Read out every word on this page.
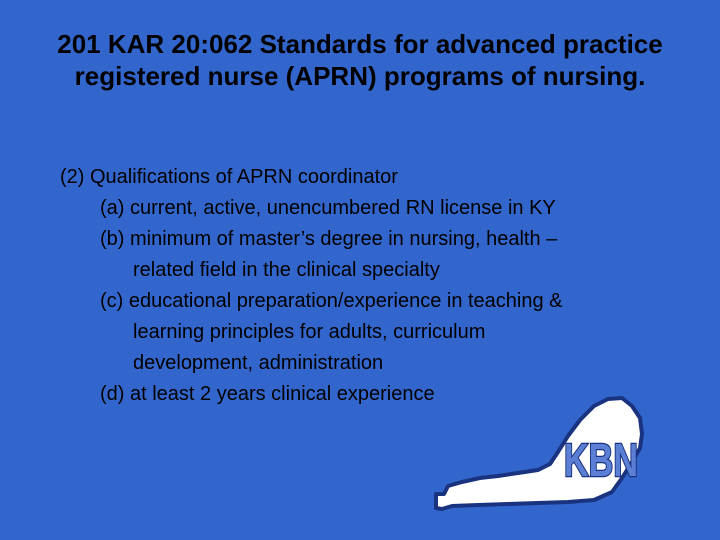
201 KAR 20:062 Standards for advanced practice registered nurse (APRN) programs of nursing.
(2) Qualifications of APRN coordinator
(a) current, active, unencumbered RN license in KY
(b) minimum of master’s degree in nursing, health –
related field in the clinical specialty
(c) educational preparation/experience in teaching &
learning principles for adults, curriculum
development, administration
(d) at least 2 years clinical experience
KBN
